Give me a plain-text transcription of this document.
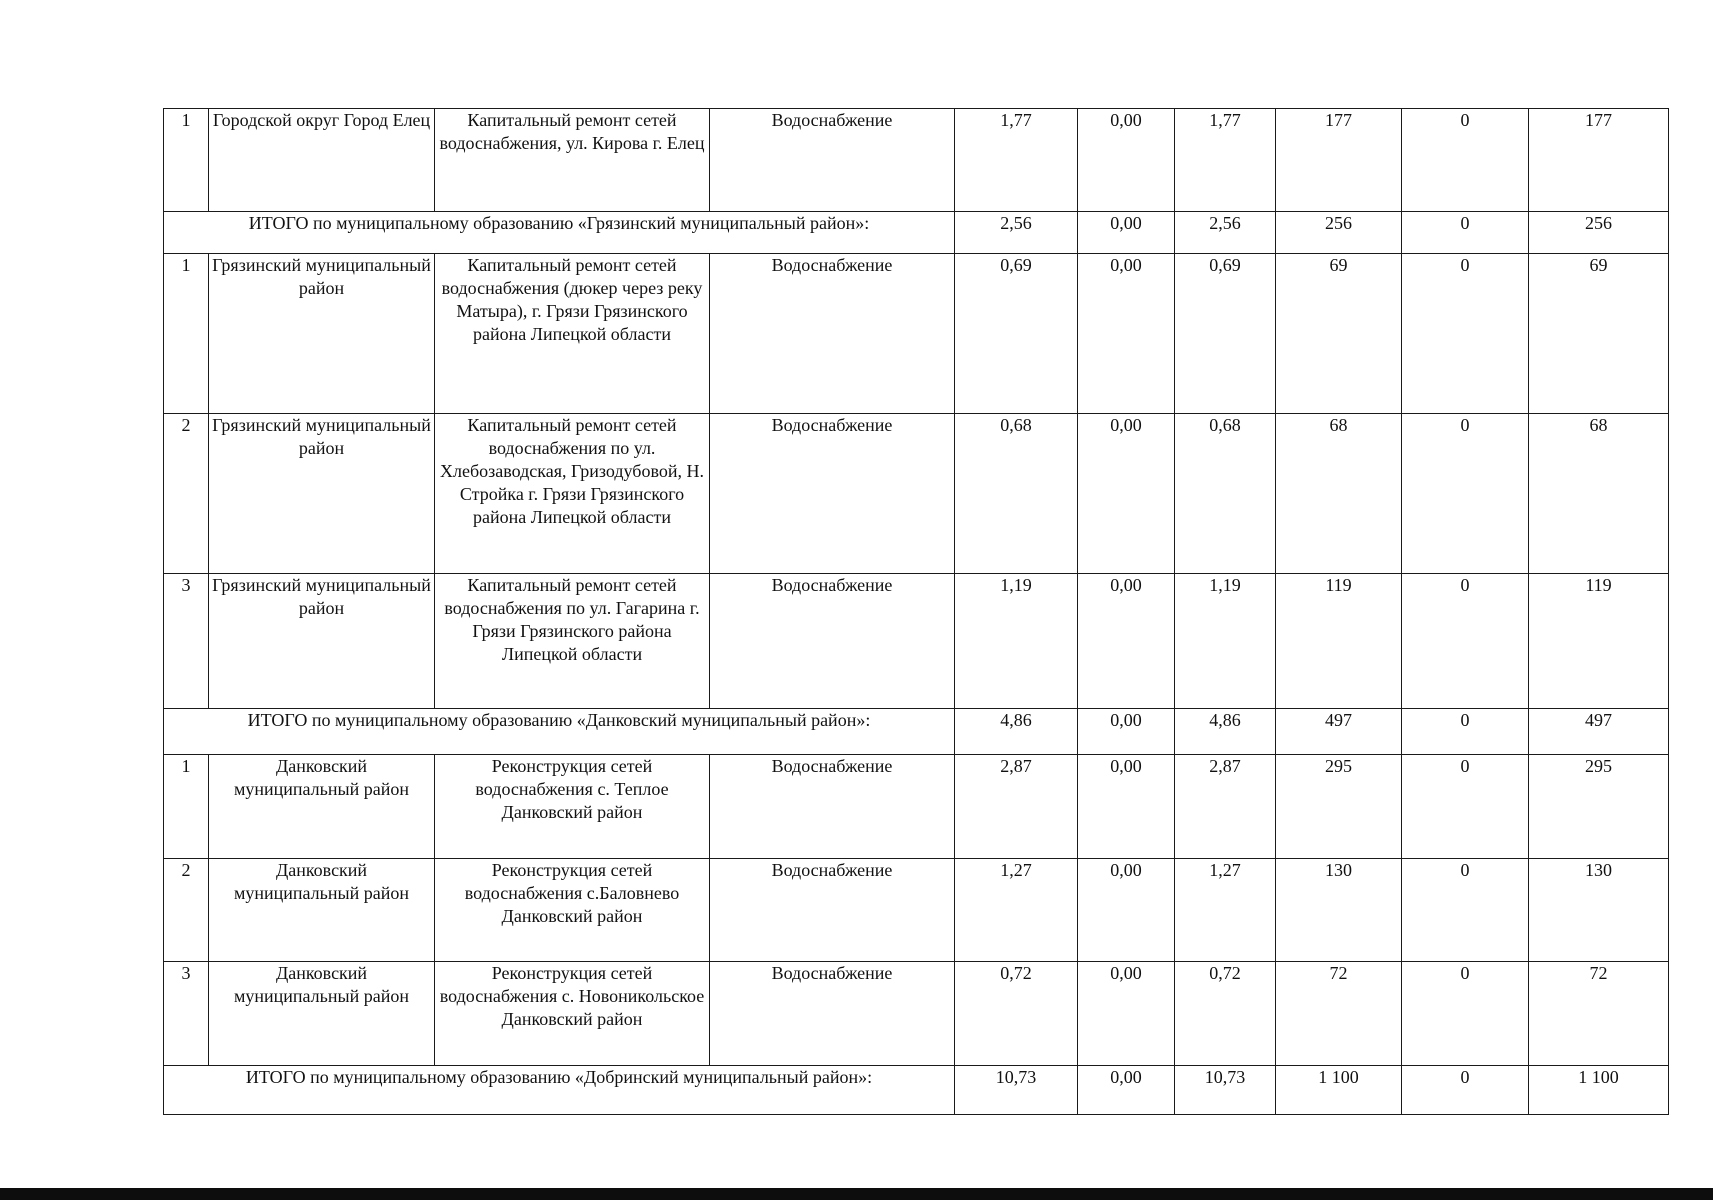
1	Городской округ Город Елец	Капитальный ремонт сетей водоснабжения, ул. Кирова г. Елец	Водоснабжение	1,77	0,00	1,77	177	0	177
ИТОГО по муниципальному образованию «Грязинский муниципальный район»:				2,56	0,00	2,56	256	0	256
1	Грязинский муниципальный район	Капитальный ремонт сетей водоснабжения (дюкер через реку Матыра), г. Грязи Грязинского района Липецкой области	Водоснабжение	0,69	0,00	0,69	69	0	69
2	Грязинский муниципальный район	Капитальный ремонт сетей водоснабжения по ул. Хлебозаводская, Гризодубовой, Н. Стройка г. Грязи Грязинского района Липецкой области	Водоснабжение	0,68	0,00	0,68	68	0	68
3	Грязинский муниципальный район	Капитальный ремонт сетей водоснабжения по ул. Гагарина г. Грязи Грязинского района Липецкой области	Водоснабжение	1,19	0,00	1,19	119	0	119
ИТОГО по муниципальному образованию «Данковский муниципальный район»:				4,86	0,00	4,86	497	0	497
1	Данковский муниципальный район	Реконструкция сетей водоснабжения с. Теплое Данковский район	Водоснабжение	2,87	0,00	2,87	295	0	295
2	Данковский муниципальный район	Реконструкция сетей водоснабжения с.Баловнево Данковский район	Водоснабжение	1,27	0,00	1,27	130	0	130
3	Данковский муниципальный район	Реконструкция сетей водоснабжения с. Новоникольское Данковский район	Водоснабжение	0,72	0,00	0,72	72	0	72
ИТОГО по муниципальному образованию «Добринский муниципальный район»:				10,73	0,00	10,73	1 100	0	1 100
